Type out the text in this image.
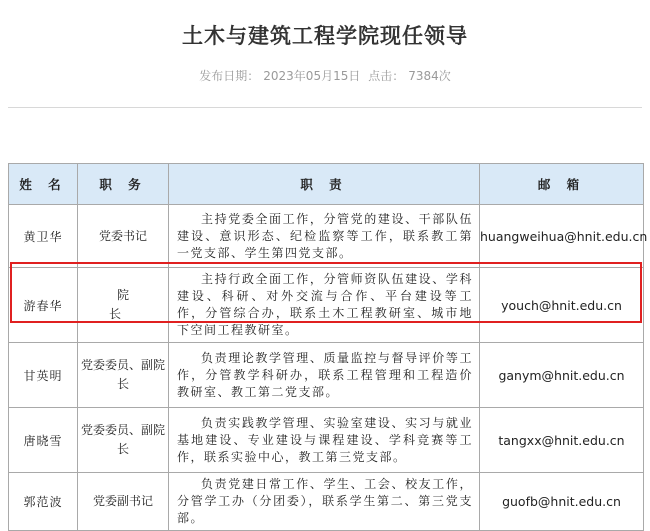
土木与建筑工程学院现任领导
发布日期： 2023年05月15日 点击： 7384次
姓 名	职 务	职 责	邮 箱
黄卫华	党委书记	主持党委全面工作，分管党的建设、干部队伍建设、意识形态、纪检监察等工作，联系教工第一党支部、学生第四党支部。	huangweihua@hnit.edu.cn
游春华	院 长	主持行政全面工作，分管师资队伍建设、学科建设、科研、对外交流与合作、平台建设等工作，分管综合办，联系土木工程教研室、城市地下空间工程教研室。	youch@hnit.edu.cn
甘英明	党委委员、副院长	负责理论教学管理、质量监控与督导评价等工作，分管教学科研办，联系工程管理和工程造价教研室、教工第二党支部。	ganym@hnit.edu.cn
唐晓雪	党委委员、副院长	负责实践教学管理、实验室建设、实习与就业基地建设、专业建设与课程建设、学科竞赛等工作，联系实验中心，教工第三党支部。	tangxx@hnit.edu.cn
郭范波	党委副书记	负责党建日常工作、学生、工会、校友工作，分管学工办（分团委），联系学生第二、第三党支部。	guofb@hnit.edu.cn
